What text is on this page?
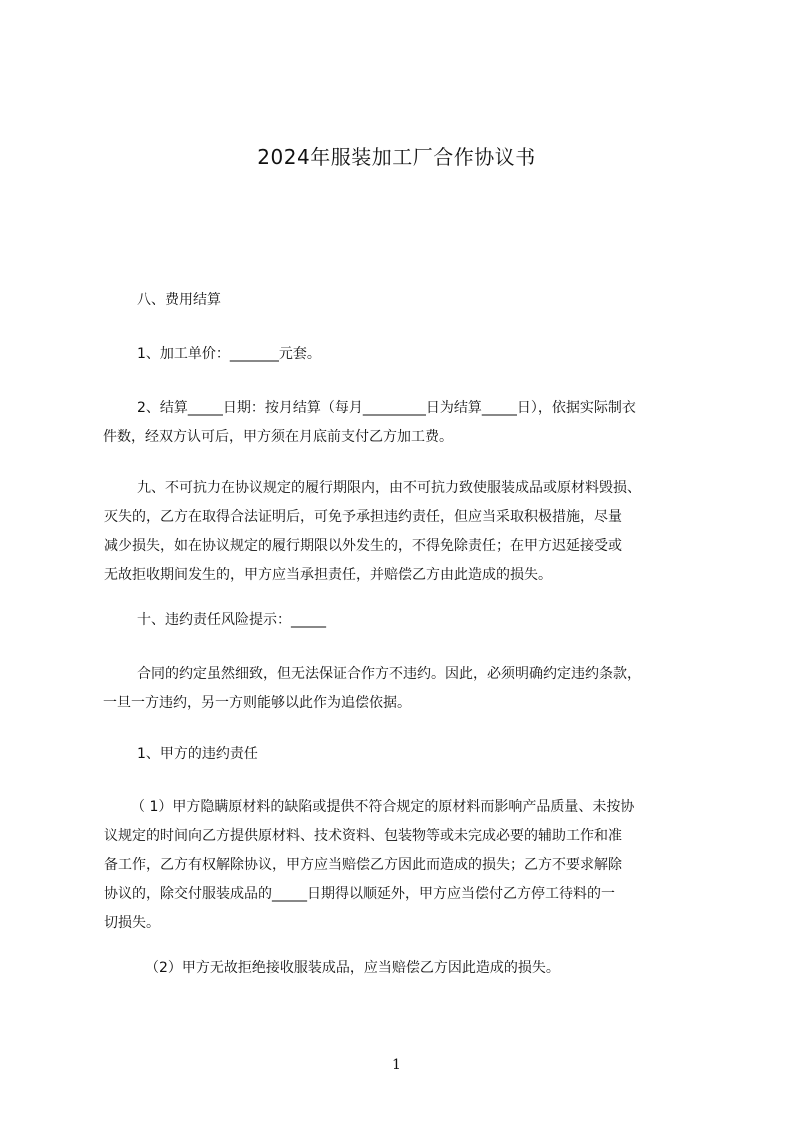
2024年服装加工厂合作协议书
八、费用结算
1、加工单价：_______元套。
2、结算_____日期：按月结算（每月_________日为结算_____日），依据实际制衣
件数，经双方认可后，甲方须在月底前支付乙方加工费。
九、不可抗力在协议规定的履行期限内，由不可抗力致使服装成品或原材料毁损、
灭失的，乙方在取得合法证明后，可免予承担违约责任，但应当采取积极措施，尽量
减少损失，如在协议规定的履行期限以外发生的，不得免除责任；在甲方迟延接受或
无故拒收期间发生的，甲方应当承担责任，并赔偿乙方由此造成的损失。
十、违约责任风险提示：_____
合同的约定虽然细致，但无法保证合作方不违约。因此，必须明确约定违约条款，
一旦一方违约，另一方则能够以此作为追偿依据。
1、甲方的违约责任
（ 1）甲方隐瞒原材料的缺陷或提供不符合规定的原材料而影响产品质量、未按协
议规定的时间向乙方提供原材料、技术资料、包装物等或未完成必要的辅助工作和准
备工作，乙方有权解除协议，甲方应当赔偿乙方因此而造成的损失；乙方不要求解除
协议的，除交付服装成品的_____日期得以顺延外，甲方应当偿付乙方停工待料的一
切损失。
（2）甲方无故拒绝接收服装成品，应当赔偿乙方因此造成的损失。
1
